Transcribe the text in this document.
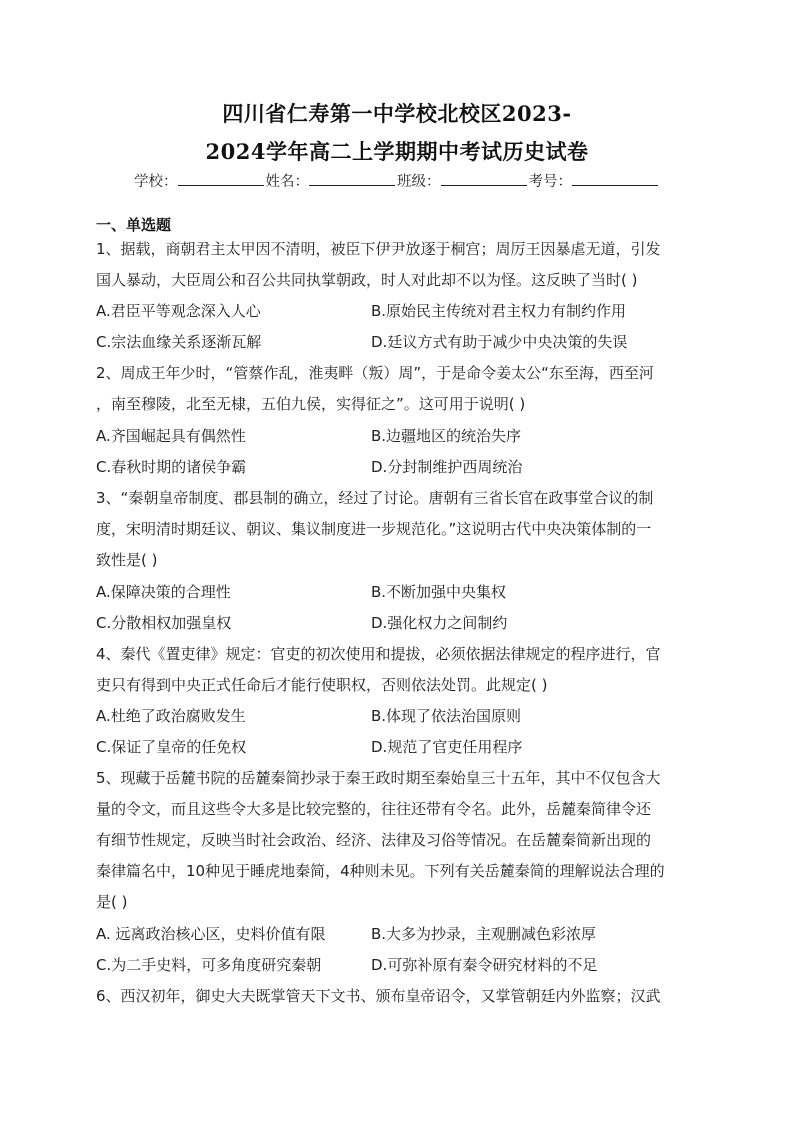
四川省仁寿第一中学校北校区2023-
2024学年高二上学期期中考试历史试卷
学校：	姓名：	班级：	考号：
一、单选题
1、据载，商朝君主太甲因不清明，被臣下伊尹放逐于桐宫；周厉王因暴虐无道，引发
国人暴动，大臣周公和召公共同执掌朝政，时人对此却不以为怪。这反映了当时( )
A.君臣平等观念深入人心	B.原始民主传统对君主权力有制约作用
C.宗法血缘关系逐渐瓦解	D.廷议方式有助于减少中央决策的失误
2、周成王年少时，“管蔡作乱，淮夷畔（叛）周”，于是命令姜太公“东至海，西至河
，南至穆陵，北至无棣，五伯九侯，实得征之”。这可用于说明( )
A.齐国崛起具有偶然性	B.边疆地区的统治失序
C.春秋时期的诸侯争霸	D.分封制维护西周统治
3、“秦朝皇帝制度、郡县制的确立，经过了讨论。唐朝有三省长官在政事堂合议的制
度，宋明清时期廷议、朝议、集议制度进一步规范化。”这说明古代中央决策体制的一
致性是( )
A.保障决策的合理性	B.不断加强中央集权
C.分散相权加强皇权	D.强化权力之间制约
4、秦代《置吏律》规定：官吏的初次使用和提拔，必须依据法律规定的程序进行，官
吏只有得到中央正式任命后才能行使职权，否则依法处罚。此规定( )
A.杜绝了政治腐败发生	B.体现了依法治国原则
C.保证了皇帝的任免权	D.规范了官吏任用程序
5、现藏于岳麓书院的岳麓秦简抄录于秦王政时期至秦始皇三十五年，其中不仅包含大
量的令文，而且这些令大多是比较完整的，往往还带有令名。此外，岳麓秦简律令还
有细节性规定，反映当时社会政治、经济、法律及习俗等情况。在岳麓秦简新出现的
秦律篇名中，10种见于睡虎地秦简，4种则未见。下列有关岳麓秦简的理解说法合理的
是( )
A. 远离政治核心区，史料价值有限	B.大多为抄录，主观删减色彩浓厚
C.为二手史料，可多角度研究秦朝	D.可弥补原有秦令研究材料的不足
6、西汉初年，御史大夫既掌管天下文书、颁布皇帝诏令，又掌管朝廷内外监察；汉武
